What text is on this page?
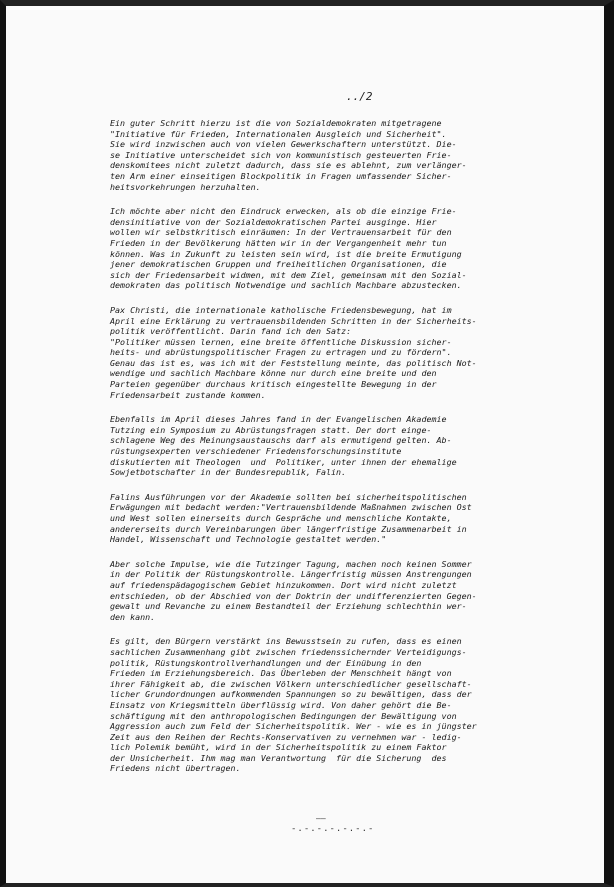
../2
Ein guter Schritt hierzu ist die von Sozialdemokraten mitgetragene
"Initiative für Frieden, Internationalen Ausgleich und Sicherheit".
Sie wird inzwischen auch von vielen Gewerkschaftern unterstützt. Die-
se Initiative unterscheidet sich von kommunistisch gesteuerten Frie-
denskomitees nicht zuletzt dadurch, dass sie es ablehnt, zum verlänger-
ten Arm einer einseitigen Blockpolitik in Fragen umfassender Sicher-
heitsvorkehrungen herzuhalten.
Ich möchte aber nicht den Eindruck erwecken, als ob die einzige Frie-
densinitiative von der Sozialdemokratischen Partei ausginge. Hier
wollen wir selbstkritisch einräumen: In der Vertrauensarbeit für den
Frieden in der Bevölkerung hätten wir in der Vergangenheit mehr tun
können. Was in Zukunft zu leisten sein wird, ist die breite Ermutigung
jener demokratischen Gruppen und freiheitlichen Organisationen, die
sich der Friedensarbeit widmen, mit dem Ziel, gemeinsam mit den Sozial-
demokraten das politisch Notwendige und sachlich Machbare abzustecken.
Pax Christi, die internationale katholische Friedensbewegung, hat im
April eine Erklärung zu vertrauensbildenden Schritten in der Sicherheits-
politik veröffentlicht. Darin fand ich den Satz:
"Politiker müssen lernen, eine breite öffentliche Diskussion sicher-
heits- und abrüstungspolitischer Fragen zu ertragen und zu fördern".
Genau das ist es, was ich mit der Feststellung meinte, das politisch Not-
wendige und sachlich Machbare könne nur durch eine breite und den
Parteien gegenüber durchaus kritisch eingestellte Bewegung in der
Friedensarbeit zustande kommen.
Ebenfalls im April dieses Jahres fand in der Evangelischen Akademie
Tutzing ein Symposium zu Abrüstungsfragen statt. Der dort einge-
schlagene Weg des Meinungsaustauschs darf als ermutigend gelten. Ab-
rüstungsexperten verschiedener Friedensforschungsinstitute
diskutierten mit Theologen  und  Politiker, unter ihnen der ehemalige
Sowjetbotschafter in der Bundesrepublik, Falin.
Falins Ausführungen vor der Akademie sollten bei sicherheitspolitischen
Erwägungen mit bedacht werden:"Vertrauensbildende Maßnahmen zwischen Ost
und West sollen einerseits durch Gespräche und menschliche Kontakte,
andererseits durch Vereinbarungen über längerfristige Zusammenarbeit in
Handel, Wissenschaft und Technologie gestaltet werden."
Aber solche Impulse, wie die Tutzinger Tagung, machen noch keinen Sommer
in der Politik der Rüstungskontrolle. Längerfristig müssen Anstrengungen
auf friedenspädagogischem Gebiet hinzukommen. Dort wird nicht zuletzt
entschieden, ob der Abschied von der Doktrin der undifferenzierten Gegen-
gewalt und Revanche zu einem Bestandteil der Erziehung schlechthin wer-
den kann.
Es gilt, den Bürgern verstärkt ins Bewusstsein zu rufen, dass es einen
sachlichen Zusammenhang gibt zwischen friedenssichernder Verteidigungs-
politik, Rüstungskontrollverhandlungen und der Einübung in den
Frieden im Erziehungsbereich. Das Überleben der Menschheit hängt von
ihrer Fähigkeit ab, die zwischen Völkern unterschiedlicher gesellschaft-
licher Grundordnungen aufkommenden Spannungen so zu bewältigen, dass der
Einsatz von Kriegsmitteln überflüssig wird. Von daher gehört die Be-
schäftigung mit den anthropologischen Bedingungen der Bewältigung von
Aggression auch zum Feld der Sicherheitspolitik. Wer - wie es in jüngster
Zeit aus den Reihen der Rechts-Konservativen zu vernehmen war - ledig-
lich Polemik bemüht, wird in der Sicherheitspolitik zu einem Faktor
der Unsicherheit. Ihm mag man Verantwortung  für die Sicherung  des
Friedens nicht übertragen.
——
-.-.-.-.-.-.-
